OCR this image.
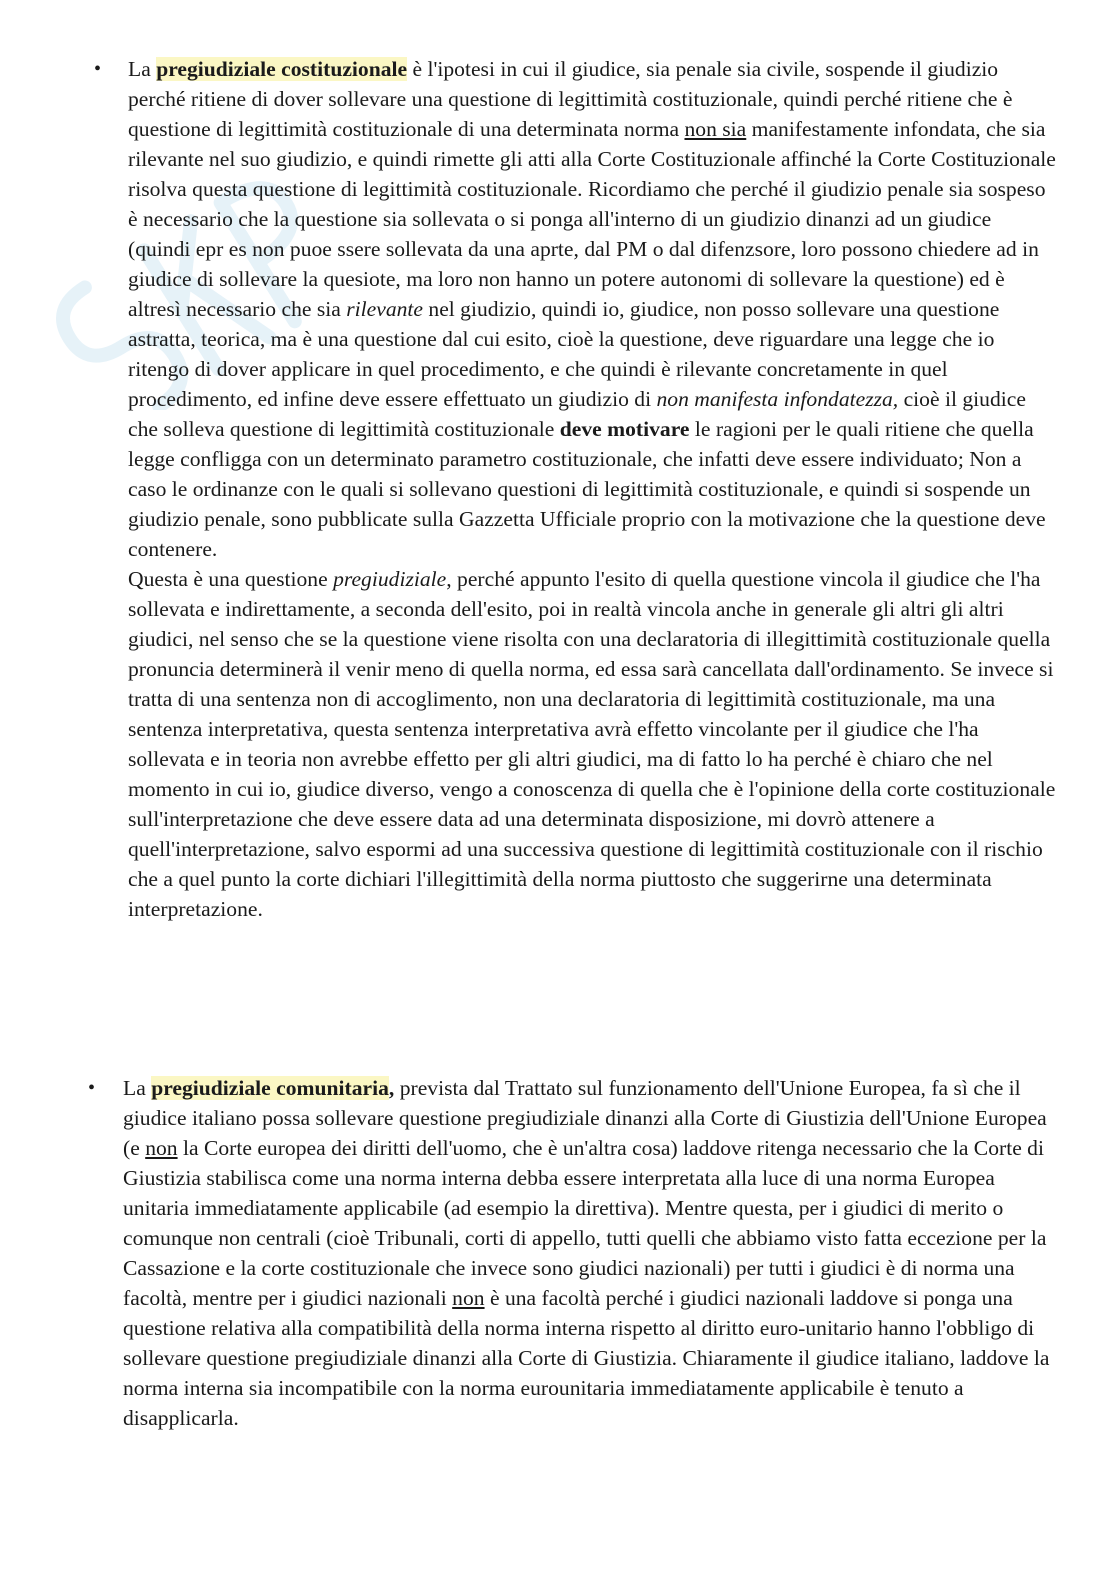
• La pregiudiziale costituzionale è l'ipotesi in cui il giudice, sia penale sia civile, sospende il giudizio perché ritiene di dover sollevare una questione di legittimità costituzionale, quindi perché ritiene che è questione di legittimità costituzionale di una determinata norma non sia manifestamente infondata, che sia rilevante nel suo giudizio, e quindi rimette gli atti alla Corte Costituzionale affinché la Corte Costituzionale risolva questa questione di legittimità costituzionale. Ricordiamo che perché il giudizio penale sia sospeso è necessario che la questione sia sollevata o si ponga all'interno di un giudizio dinanzi ad un giudice (quindi epr es non puoe ssere sollevata da una aprte, dal PM o dal difenzsore, loro possono chiedere ad in giudice di sollevare la quesiote, ma loro non hanno un potere autonomi di sollevare la questione) ed è altresì necessario che sia rilevante nel giudizio, quindi io, giudice, non posso sollevare una questione astratta, teorica, ma è una questione dal cui esito, cioè la questione, deve riguardare una legge che io ritengo di dover applicare in quel procedimento, e che quindi è rilevante concretamente in quel procedimento, ed infine deve essere effettuato un giudizio di non manifesta infondatezza, cioè il giudice che solleva questione di legittimità costituzionale deve motivare le ragioni per le quali ritiene che quella legge confligga con un determinato parametro costituzionale, che infatti deve essere individuato; Non a caso le ordinanze con le quali si sollevano questioni di legittimità costituzionale, e quindi si sospende un giudizio penale, sono pubblicate sulla Gazzetta Ufficiale proprio con la motivazione che la questione deve contenere.
Questa è una questione pregiudiziale, perché appunto l'esito di quella questione vincola il giudice che l'ha sollevata e indirettamente, a seconda dell'esito, poi in realtà vincola anche in generale gli altri gli altri giudici, nel senso che se la questione viene risolta con una declaratoria di illegittimità costituzionale quella pronuncia determinerà il venir meno di quella norma, ed essa sarà cancellata dall'ordinamento. Se invece si tratta di una sentenza non di accoglimento, non una declaratoria di legittimità costituzionale, ma una sentenza interpretativa, questa sentenza interpretativa avrà effetto vincolante per il giudice che l'ha sollevata e in teoria non avrebbe effetto per gli altri giudici, ma di fatto lo ha perché è chiaro che nel momento in cui io, giudice diverso, vengo a conoscenza di quella che è l'opinione della corte costituzionale sull'interpretazione che deve essere data ad una determinata disposizione, mi dovrò attenere a quell'interpretazione, salvo espormi ad una successiva questione di legittimità costituzionale con il rischio che a quel punto la corte dichiari l'illegittimità della norma piuttosto che suggerirne una determinata interpretazione.
• La pregiudiziale comunitaria, prevista dal Trattato sul funzionamento dell'Unione Europea, fa sì che il giudice italiano possa sollevare questione pregiudiziale dinanzi alla Corte di Giustizia dell'Unione Europea (e non la Corte europea dei diritti dell'uomo, che è un'altra cosa) laddove ritenga necessario che la Corte di Giustizia stabilisca come una norma interna debba essere interpretata alla luce di una norma Europea unitaria immediatamente applicabile (ad esempio la direttiva). Mentre questa, per i giudici di merito o comunque non centrali (cioè Tribunali, corti di appello, tutti quelli che abbiamo visto fatta eccezione per la Cassazione e la corte costituzionale che invece sono giudici nazionali) per tutti i giudici è di norma una facoltà, mentre per i giudici nazionali non è una facoltà perché i giudici nazionali laddove si ponga una questione relativa alla compatibilità della norma interna rispetto al diritto euro-unitario hanno l'obbligo di sollevare questione pregiudiziale dinanzi alla Corte di Giustizia. Chiaramente il giudice italiano, laddove la norma interna sia incompatibile con la norma eurounitaria immediatamente applicabile è tenuto a disapplicarla.
